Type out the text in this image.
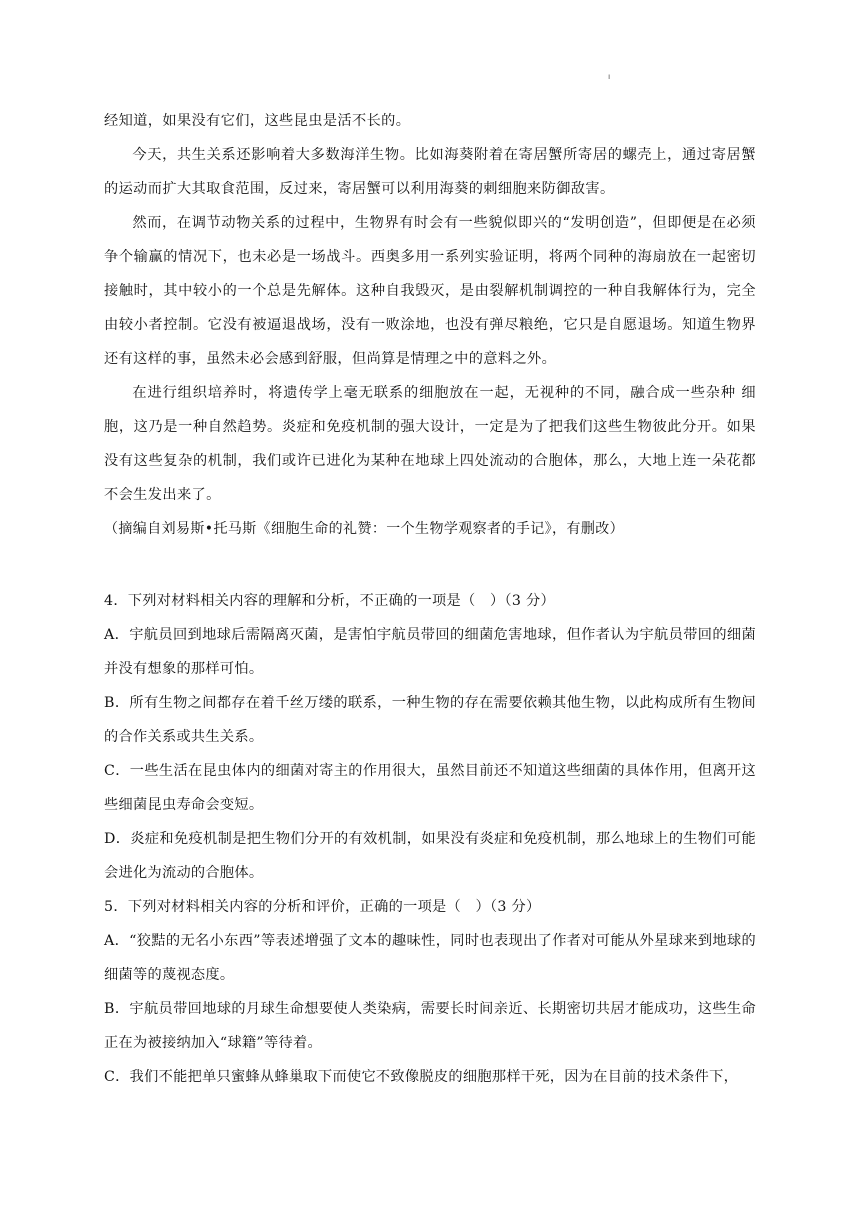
ı

经知道，如果没有它们，这些昆虫是活不长的。

今天，共生关系还影响着大多数海洋生物。比如海葵附着在寄居蟹所寄居的螺壳上，通过寄居蟹的运动而扩大其取食范围，反过来，寄居蟹可以利用海葵的刺细胞来防御敌害。

然而，在调节动物关系的过程中，生物界有时会有一些貌似即兴的“发明创造”，但即便是在必须争个输赢的情况下，也未必是一场战斗。西奥多用一系列实验证明，将两个同种的海扇放在一起密切接触时，其中较小的一个总是先解体。这种自我毁灭，是由裂解机制调控的一种自我解体行为，完全由较小者控制。它没有被逼退战场，没有一败涂地，也没有弹尽粮绝，它只是自愿退场。知道生物界还有这样的事，虽然未必会感到舒服，但尚算是情理之中的意料之外。

在进行组织培养时，将遗传学上毫无联系的细胞放在一起，无视种的不同，融合成一些杂种 细胞，这乃是一种自然趋势。炎症和免疫机制的强大设计，一定是为了把我们这些生物彼此分开。如果没有这些复杂的机制，我们或许已进化为某种在地球上四处流动的合胞体，那么，大地上连一朵花都不会生发出来了。

（摘编自刘易斯•托马斯《细胞生命的礼赞：一个生物学观察者的手记》，有删改）

4．下列对材料相关内容的理解和分析，不正确的一项是（　）（3 分）

A．宇航员回到地球后需隔离灭菌，是害怕宇航员带回的细菌危害地球，但作者认为宇航员带回的细菌并没有想象的那样可怕。

B．所有生物之间都存在着千丝万缕的联系，一种生物的存在需要依赖其他生物，以此构成所有生物间的合作关系或共生关系。

C．一些生活在昆虫体内的细菌对寄主的作用很大，虽然目前还不知道这些细菌的具体作用，但离开这些细菌昆虫寿命会变短。

D．炎症和免疫机制是把生物们分开的有效机制，如果没有炎症和免疫机制，那么地球上的生物们可能会进化为流动的合胞体。

5．下列对材料相关内容的分析和评价，正确的一项是（　）（3 分）

A．“狡黠的无名小东西”等表述增强了文本的趣味性，同时也表现出了作者对可能从外星球来到地球的细菌等的蔑视态度。

B．宇航员带回地球的月球生命想要使人类染病，需要长时间亲近、长期密切共居才能成功，这些生命正在为被接纳加入“球籍”等待着。

C．我们不能把单只蜜蜂从蜂巢取下而使它不致像脱皮的细胞那样干死，因为在目前的技术条件下，
